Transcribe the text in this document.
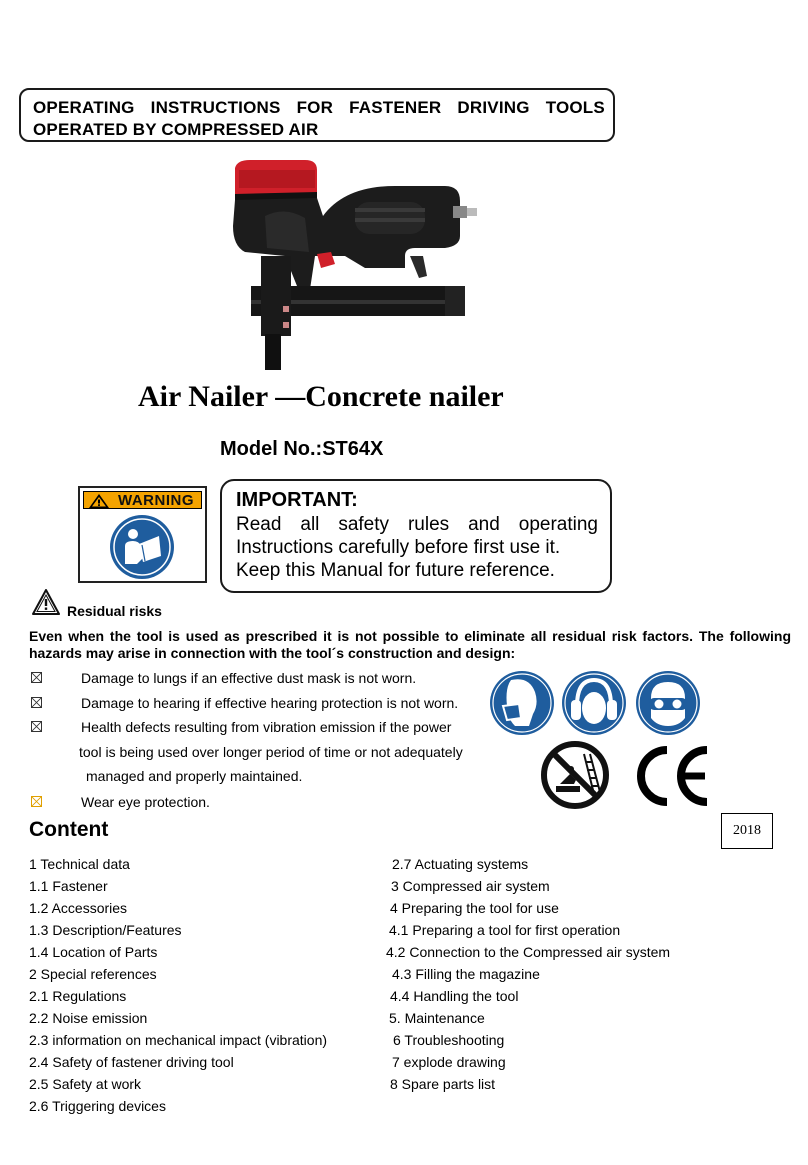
OPERATING INSTRUCTIONS FOR FASTENER DRIVING TOOLS
OPERATED BY COMPRESSED AIR
Air Nailer —Concrete nailer
Model No.:ST64X
WARNING IMPORTANT:
Read all safety rules and operating
Instructions carefully before first use it.
Keep this Manual for future reference.
Residual risks
Even when the tool is used as prescribed it is not possible to eliminate all residual risk factors. The following
hazards may arise in connection with the tool´s construction and design:
Damage to lungs if an effective dust mask is not worn.
Damage to hearing if effective hearing protection is not worn.
Health defects resulting from vibration emission if the power
tool is being used over longer period of time or not adequately
managed and properly maintained.
Wear eye protection.
Content	2018
1 Technical data
1.1 Fastener
1.2 Accessories
1.3 Description/Features
1.4 Location of Parts
2 Special references
2.1 Regulations
2.2 Noise emission
2.3 information on mechanical impact (vibration)
2.4 Safety of fastener driving tool
2.5 Safety at work
2.6 Triggering devices
2.7 Actuating systems
3 Compressed air system
4 Preparing the tool for use
4.1 Preparing a tool for first operation
4.2 Connection to the Compressed air system
4.3 Filling the magazine
4.4 Handling the tool
5. Maintenance
6 Troubleshooting
7 explode drawing
8 Spare parts list
